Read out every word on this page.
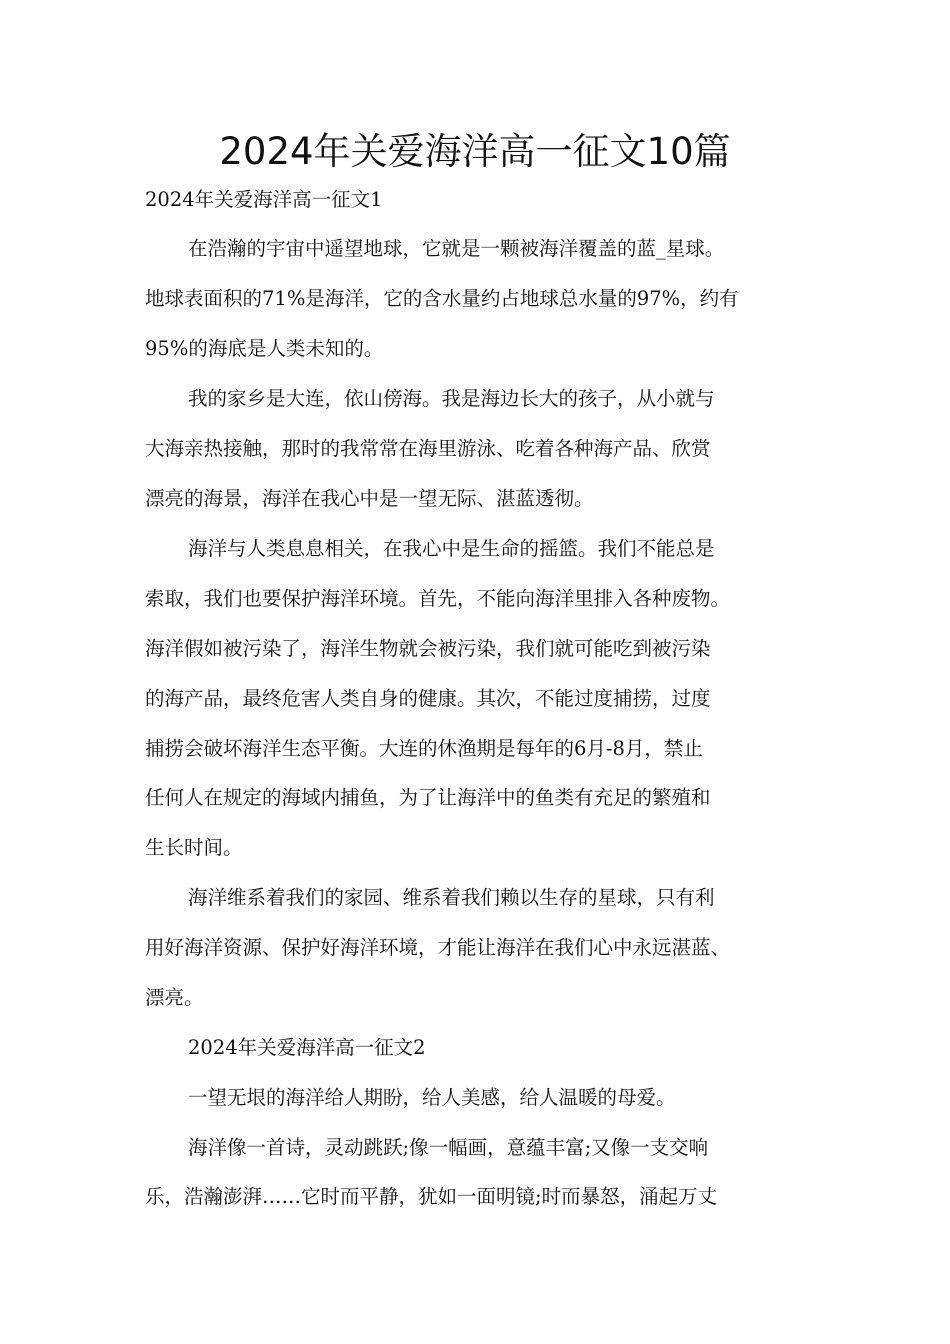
2024年关爱海洋高一征文10篇
2024年关爱海洋高一征文1
在浩瀚的宇宙中遥望地球，它就是一颗被海洋覆盖的蓝_星球。
地球表面积的71%是海洋，它的含水量约占地球总水量的97%，约有
95%的海底是人类未知的。
我的家乡是大连，依山傍海。我是海边长大的孩子，从小就与
大海亲热接触，那时的我常常在海里游泳、吃着各种海产品、欣赏
漂亮的海景，海洋在我心中是一望无际、湛蓝透彻。
海洋与人类息息相关，在我心中是生命的摇篮。我们不能总是
索取，我们也要保护海洋环境。首先，不能向海洋里排入各种废物。
海洋假如被污染了，海洋生物就会被污染，我们就可能吃到被污染
的海产品，最终危害人类自身的健康。其次，不能过度捕捞，过度
捕捞会破坏海洋生态平衡。大连的休渔期是每年的6月-8月，禁止
任何人在规定的海域内捕鱼，为了让海洋中的鱼类有充足的繁殖和
生长时间。
海洋维系着我们的家园、维系着我们赖以生存的星球，只有利
用好海洋资源、保护好海洋环境，才能让海洋在我们心中永远湛蓝、
漂亮。
2024年关爱海洋高一征文2
一望无垠的海洋给人期盼，给人美感，给人温暖的母爱。
海洋像一首诗，灵动跳跃;像一幅画，意蕴丰富;又像一支交响
乐，浩瀚澎湃……它时而平静，犹如一面明镜;时而暴怒，涌起万丈
